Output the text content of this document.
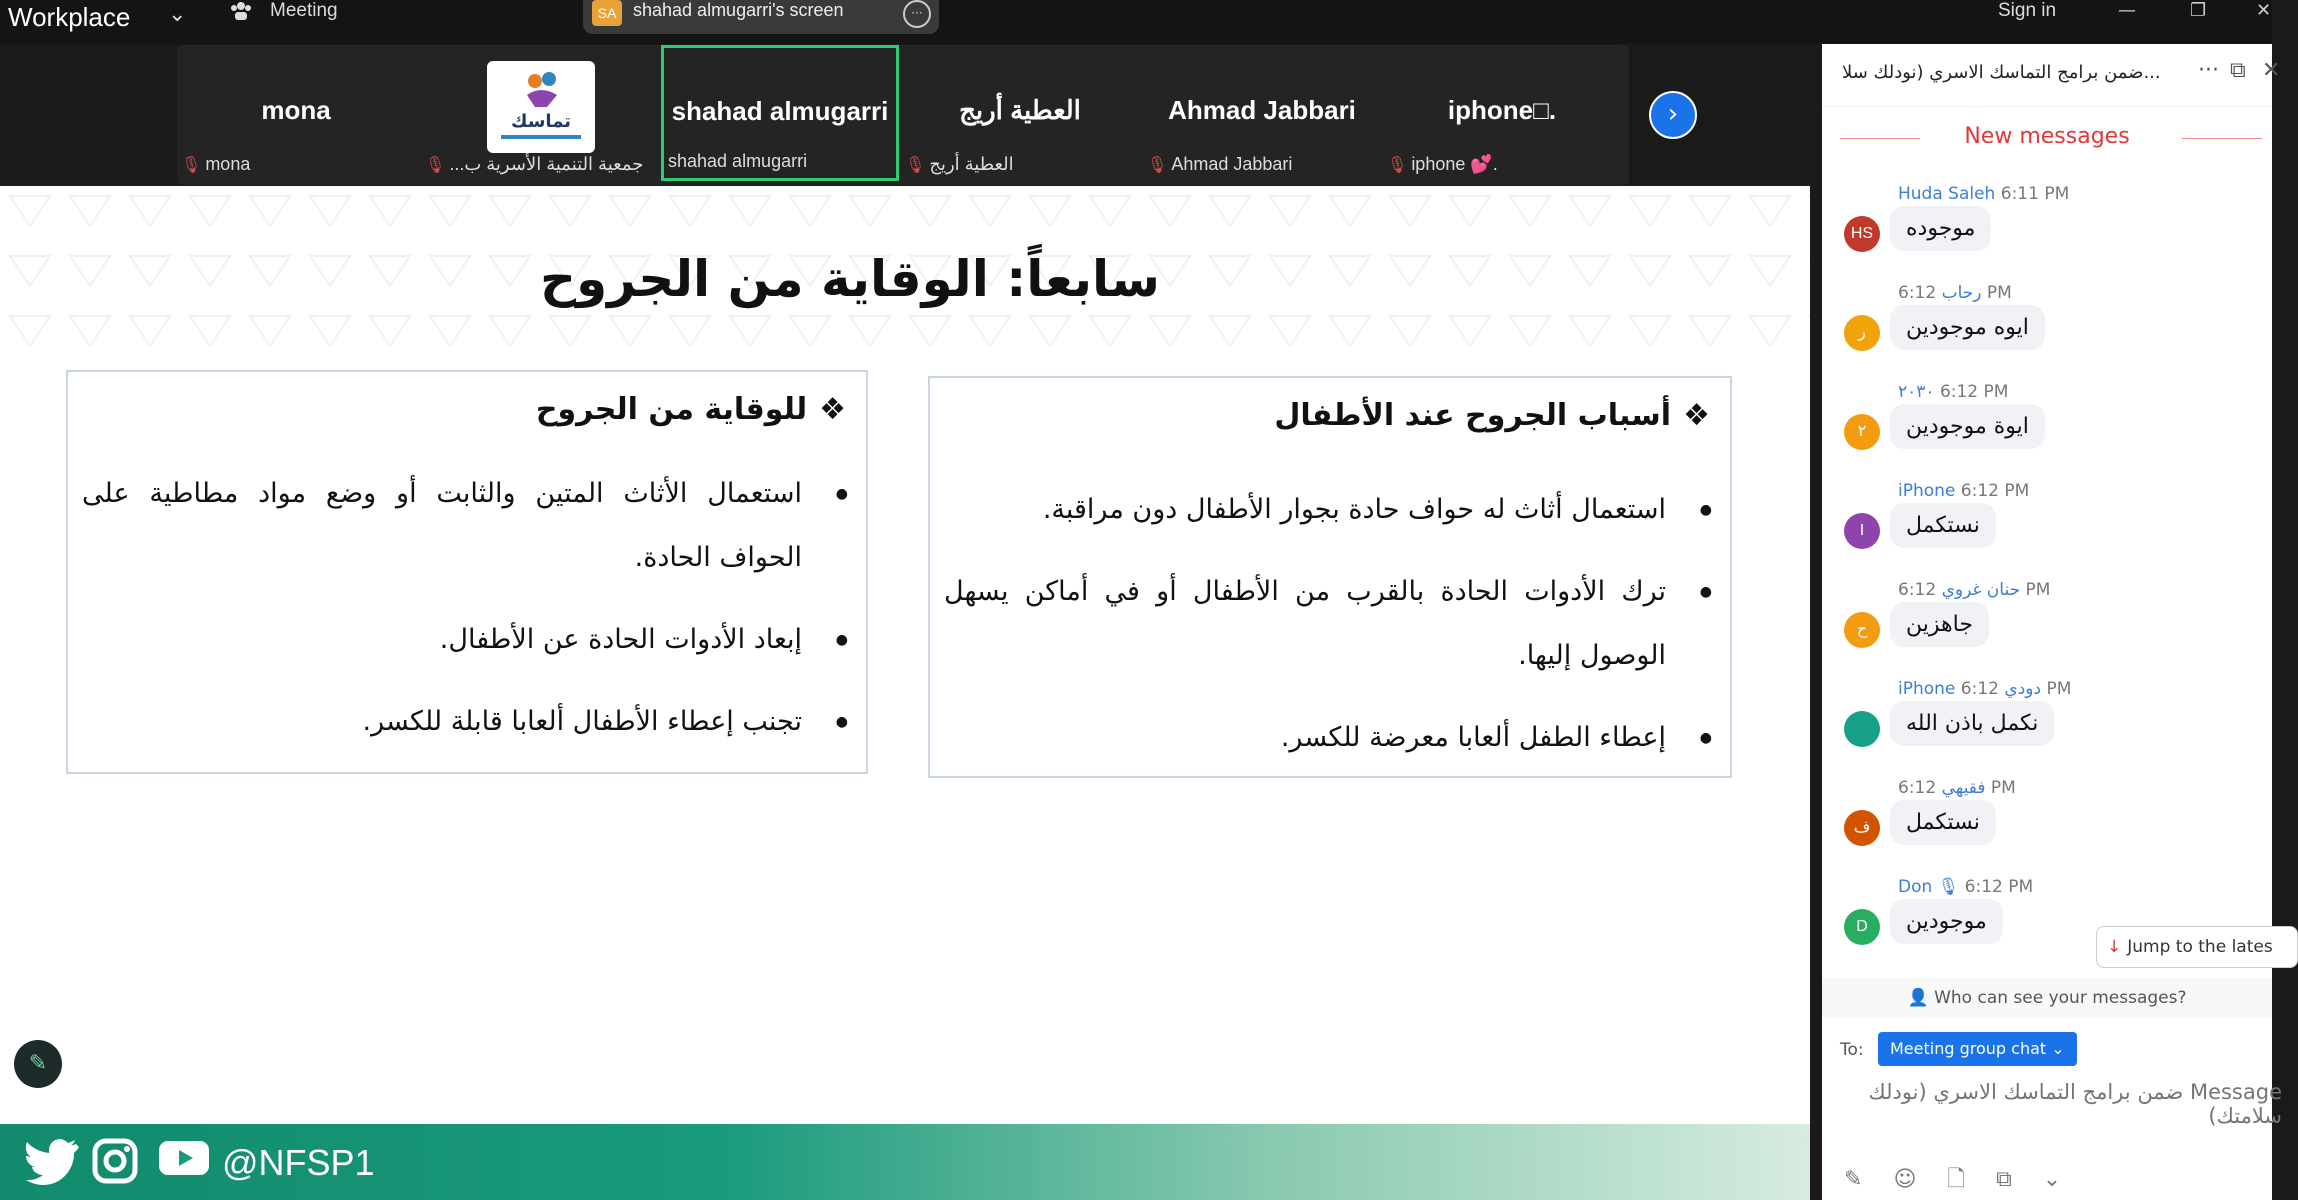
Workplace ⌄	Meeting	SA shahad almugarri's screen	···	Sign in	—	❐	✕
mona
🎙︎ mona
تماسك
🎙︎ ...جمعية التنمية الأسرية ب
shahad almugarri
shahad almugarri
العطية أريج
🎙︎ العطية أريج
Ahmad Jabbari
🎙︎ Ahmad Jabbari
iphone□.
🎙︎ iphone 💕.
›
سابعاً: الوقاية من الجروح
❖أسباب الجروح عند الأطفال
● استعمال أثاث له حواف حادة بجوار الأطفال دون مراقبة.
● ترك الأدوات الحادة بالقرب من الأطفال أو في أماكن يسهل الوصول إليها.
● إعطاء الطفل ألعابا معرضة للكسر.
❖للوقاية من الجروح
● استعمال الأثاث المتين والثابت أو وضع مواد مطاطية على الحواف الحادة.
● إبعاد الأدوات الحادة عن الأطفال.
● تجنب إعطاء الأطفال ألعابا قابلة للكسر.
✎
@NFSP1
...ضمن برامج التماسك الاسري (نودلك سلا	··· ⧉ ✕
New messages
HS
Huda Saleh 6:11 PM
موجوده
ر
رحاب 6:12 PM
ايوه موجودين
٢
٢٠٣٠ 6:12 PM
ايوة موجودين
I
iPhone 6:12 PM
نستكمل
ح
حنان غروي 6:12 PM
جاهزين
iPhone دودي 6:12 PM
نكمل باذن الله
ف
فقيهي 6:12 PM
نستكمل
D
Don 🎙 6:12 PM
موجودين
↓ Jump to the lates
👤 Who can see your messages?
To:	Meeting group chat ⌄
Message ضمن برامج التماسك الاسري (نودلك سلامتك)
✎ ☺ 🗋 ⧉ ⌄
